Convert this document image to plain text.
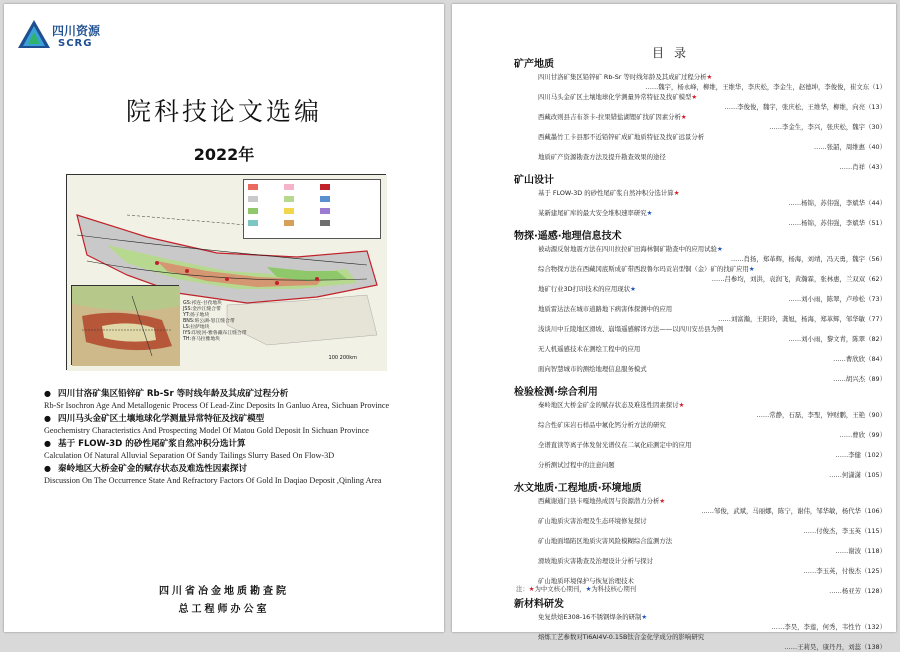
四川资源
SCRG
院科技论文选编
2022年
GS:祁连-甘孜地块
JSS:金沙江缝合带
YT:扬子地块
BNS:班公湖-怒江缝合带
LS:拉萨地块
IYS:印度河-雅鲁藏布江缝合带
TH:喜马拉雅地块
100 200km
● 四川甘洛矿集区铅锌矿 Rb-Sr 等时线年龄及其成矿过程分析
Rb-Sr Isochron Age And Metallogenic Process Of Lead-Zinc Deposits In Ganluo Area, Sichuan Province
● 四川马头金矿区土壤地球化学测量异常特征及找矿模型
Geochemistry Characteristics And Prospecting Model Of Matou Gold Deposit In Sichuan Province
● 基于 FLOW-3D 的砂性尾矿浆自然冲积分选计算
Calculation Of Natural Alluvial Separation Of Sandy Tailings Slurry Based On Flow-3D
● 秦岭地区大桥金矿金的赋存状态及难选性因素探讨
Discussion On The Occurrence State And Refractory Factors Of Gold In Daqiao Deposit ,Qinling Area
四川省冶金地质勘查院
总工程师办公室
目录
矿产地质
四川甘洛矿集区铅锌矿 Rb-Sr 等时线年龄及其成矿过程分析★
……魏宇，杨永峰，柳维，王维华，李庆松，李金生，赵德坤，李俊俊，崔文东（1）
四川马头金矿区土壤地球化学测量异常特征及找矿模型★
……李俊俊，魏宇，张庆松，王维华，柳维，向亮（13）
西藏改则县吉布茶卡-拉果错盐湖锂矿找矿因素分析★
……李金生，李兴，张庆松，魏宇（30）
西藏墨竹工卡县那不近铅锌矿成矿地质特征及找矿远景分析
……张韶，周维惠（40）
地质矿产资源勘查方法及提升勘查效果的途径
……肖祥（43）
矿山设计
基于 FLOW-3D 的砂性尾矿浆自然冲积分选计算★
……杨锦，苏伟强，李斌华（44）
某新建尾矿库的最大安全堆积速率研究★
……杨锦，苏伟强，李斌华（51）
物探·遥感·地理信息技术
被动源反射地震方法在四川拉拉矿田海林铜矿勘查中的应用试验★
……肖扬，郑革辉，杨海，刘靖，冯天勇，魏宇（56）
综合物探方法在西藏冈底斯成矿带西段鲁尔玛贡岩型铜（金）矿的找矿应用★
……吕参均，刘洪，袁润飞，黄瀚霖，张林惠，兰双双（62）
地矿行业3D打印技术的应用现状★
……刘小雨，陈翠，卢珍松（73）
地质雷达法在城市道路地下病害体探测中的应用
……刘富瀚，王阳玲，龚旭，杨海，郑革辉，邹华敏（77）
浅谈川中丘陵地区滑坡、崩塌遥感解译方法——以四川安岳县为例
……刘小雨，黎文青，陈翠（82）
无人机遥感技术在测绘工程中的应用
……曹欣欣（84）
面向智慧城市的测绘地理信息服务模式
……胡兴杰（89）
检验检测·综合利用
秦岭地区大桥金矿金的赋存状态及难选性因素探讨★
……常静，石磊，李聖，钟财鹏，王艳（90）
综合性矿床岩石样品中氟化钙分析方法的研究
……曹欣（99）
全谱直读等离子体发射光谱仪在二氧化硅测定中的应用
……李健（102）
分析测试过程中的注意问题
……何潇潇（105）
水文地质·工程地质·环境地质
西藏谢通门县卡嘎地热成因与资源潜力分析★
……邹俊，武斌，马丽娜，陈宁，谢伟，邹华敏，杨代华（106）
矿山地质灾害治理及生态环境修复探讨
……付俊杰，李玉英（115）
矿山地面塌陷区地质灾害风险模糊综合监测方法
……谢波（118）
滑坡地质灾害勘查及治理设计分析与探讨
……李玉英，付俊杰（125）
矿山地质环境保护与恢复治理技术
……杨亚芳（128）
新材料研发
免复烘焙E308-16不锈钢焊条的研制★
……李昊，李莲，何秀，韦性竹（132）
熔炼工艺参数对Ti6Al4V-0.15B钛合金化学成分的影响研究
……王莉昊，康丹丹，刘蕊（138）
注：★为中文核心期刊，★为科技核心期刊
